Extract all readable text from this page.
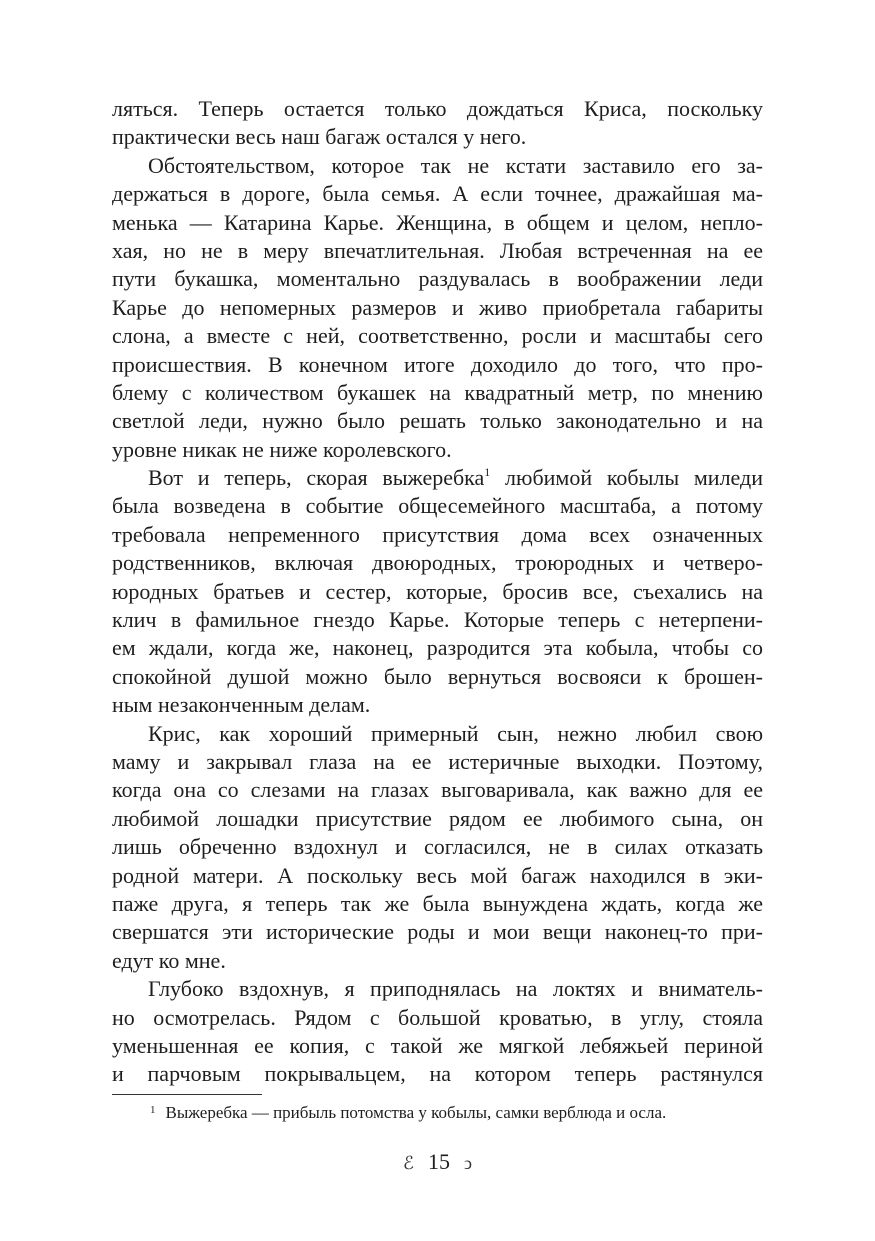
ляться. Теперь остается только дождаться Криса, поскольку
практически весь наш багаж остался у него.
Обстоятельством, которое так не кстати заставило его за-
держаться в дороге, была семья. А если точнее, дражайшая ма-
менька — Катарина Карье. Женщина, в общем и целом, непло-
хая, но не в меру впечатлительная. Любая встреченная на ее
пути букашка, моментально раздувалась в воображении леди
Карье до непомерных размеров и живо приобретала габариты
слона, а вместе с ней, соответственно, росли и масштабы сего
происшествия. В конечном итоге доходило до того, что про-
блему с количеством букашек на квадратный метр, по мнению
светлой леди, нужно было решать только законодательно и на
уровне никак не ниже королевского.
Вот и теперь, скорая выжеребка$^1$ любимой кобылы миледи
была возведена в событие общесемейного масштаба, а потому
требовала непременного присутствия дома всех означенных
родственников, включая двоюродных, троюродных и четверо-
юродных братьев и сестер, которые, бросив все, съехались на
клич в фамильное гнездо Карье. Которые теперь с нетерпени-
ем ждали, когда же, наконец, разродится эта кобыла, чтобы со
спокойной душой можно было вернуться восвояси к брошен-
ным незаконченным делам.
Крис, как хороший примерный сын, нежно любил свою
маму и закрывал глаза на ее истеричные выходки. Поэтому,
когда она со слезами на глазах выговаривала, как важно для ее
любимой лошадки присутствие рядом ее любимого сына, он
лишь обреченно вздохнул и согласился, не в силах отказать
родной матери. А поскольку весь мой багаж находился в эки-
паже друга, я теперь так же была вынуждена ждать, когда же
свершатся эти исторические роды и мои вещи наконец-то при-
едут ко мне.
Глубоко вздохнув, я приподнялась на локтях и вниматель-
но осмотрелась. Рядом с большой кроватью, в углу, стояла
уменьшенная ее копия, с такой же мягкой лебяжьей периной
и парчовым покрывальцем, на котором теперь растянулся
$^1$ Выжеребка — прибыль потомства у кобылы, самки верблюда и осла.
ℰ 15 ↄ
